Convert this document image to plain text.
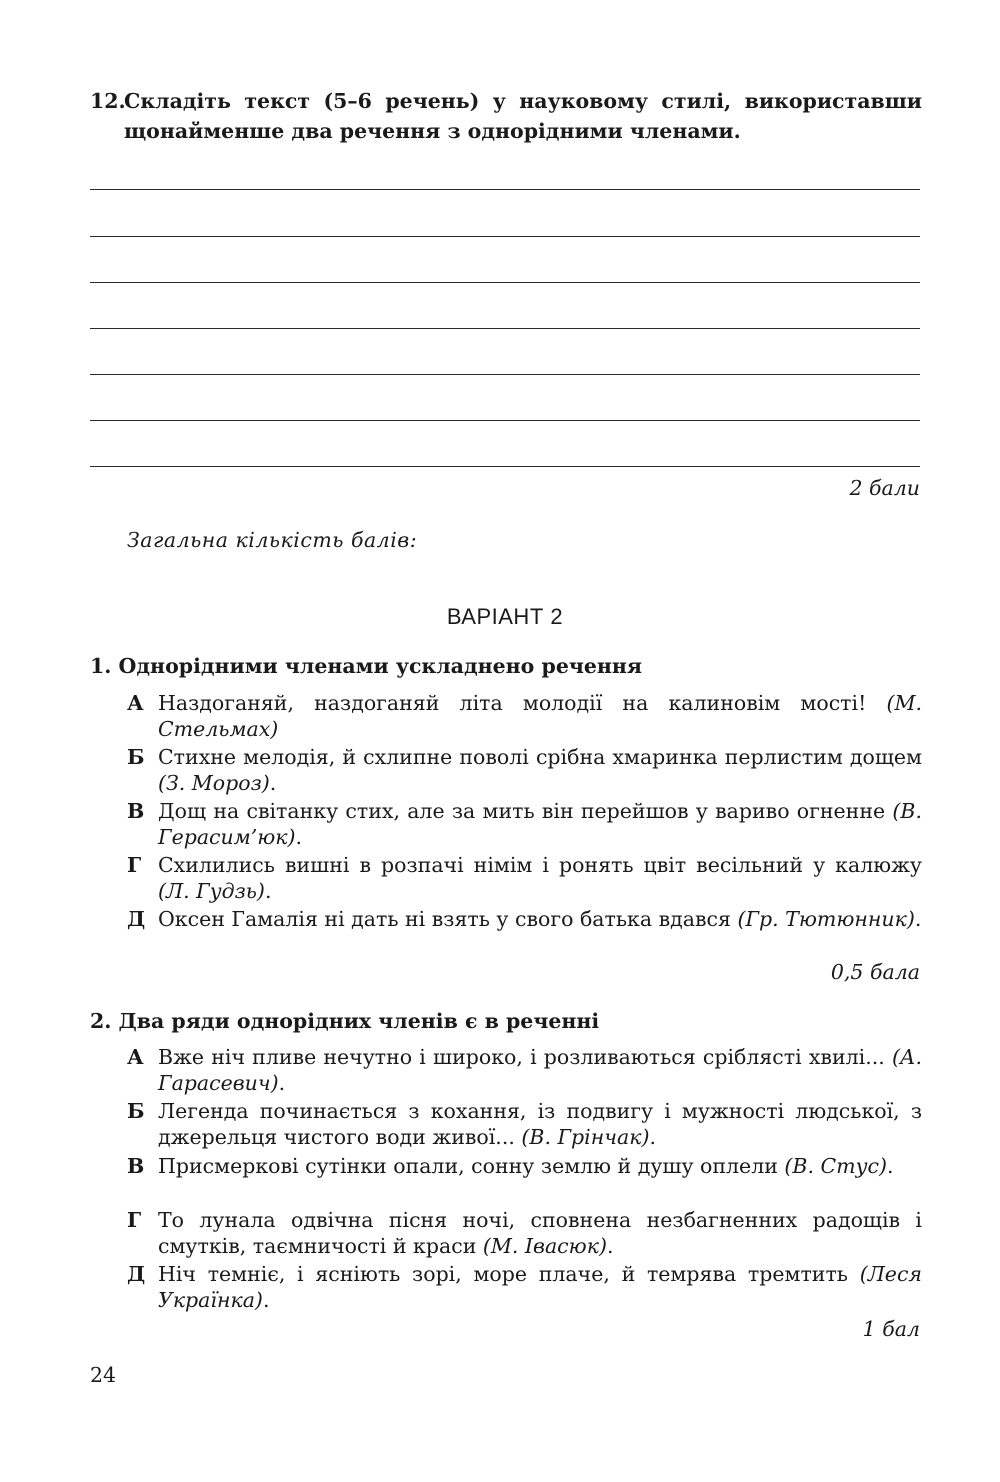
12.
Складіть текст (5–6 речень) у науковому стилі, використавши щонайменше два речення з однорідними членами.
2 бали
Загальна кількість балів:
ВАРІАНТ 2
1. Однорідними членами ускладнено речення
А Наздоганяй, наздоганяй літа молодії на калиновім мості! (М. Стельмах)
Б Стихне мелодія, й схлипне поволі срібна хмаринка перлистим дощем (З. Мороз).
В Дощ на світанку стих, але за мить він перейшов у вариво огненне (В. Герасим’юк).
Г Схилились вишні в розпачі німім і ронять цвіт весільний у калюжу (Л. Гудзь).
Д Оксен Гамалія ні дать ні взять у свого батька вдався (Гр. Тютюнник).
0,5 бала
2. Два ряди однорідних членів є в реченні
А Вже ніч пливе нечутно і широко, і розливаються сріблясті хвилі... (А. Гарасевич).
Б Легенда починається з кохання, із подвигу і мужності людської, з джерельця чистого води живої... (В. Грінчак).
В Присмеркові сутінки опали, сонну землю й душу оплели (В. Стус).
Г То лунала одвічна пісня ночі, сповнена незбагненних радощів і смутків, таємничості й краси (М. Івасюк).
Д Ніч темніє, і ясніють зорі, море плаче, й темрява тремтить (Леся Українка).
1 бал
24
